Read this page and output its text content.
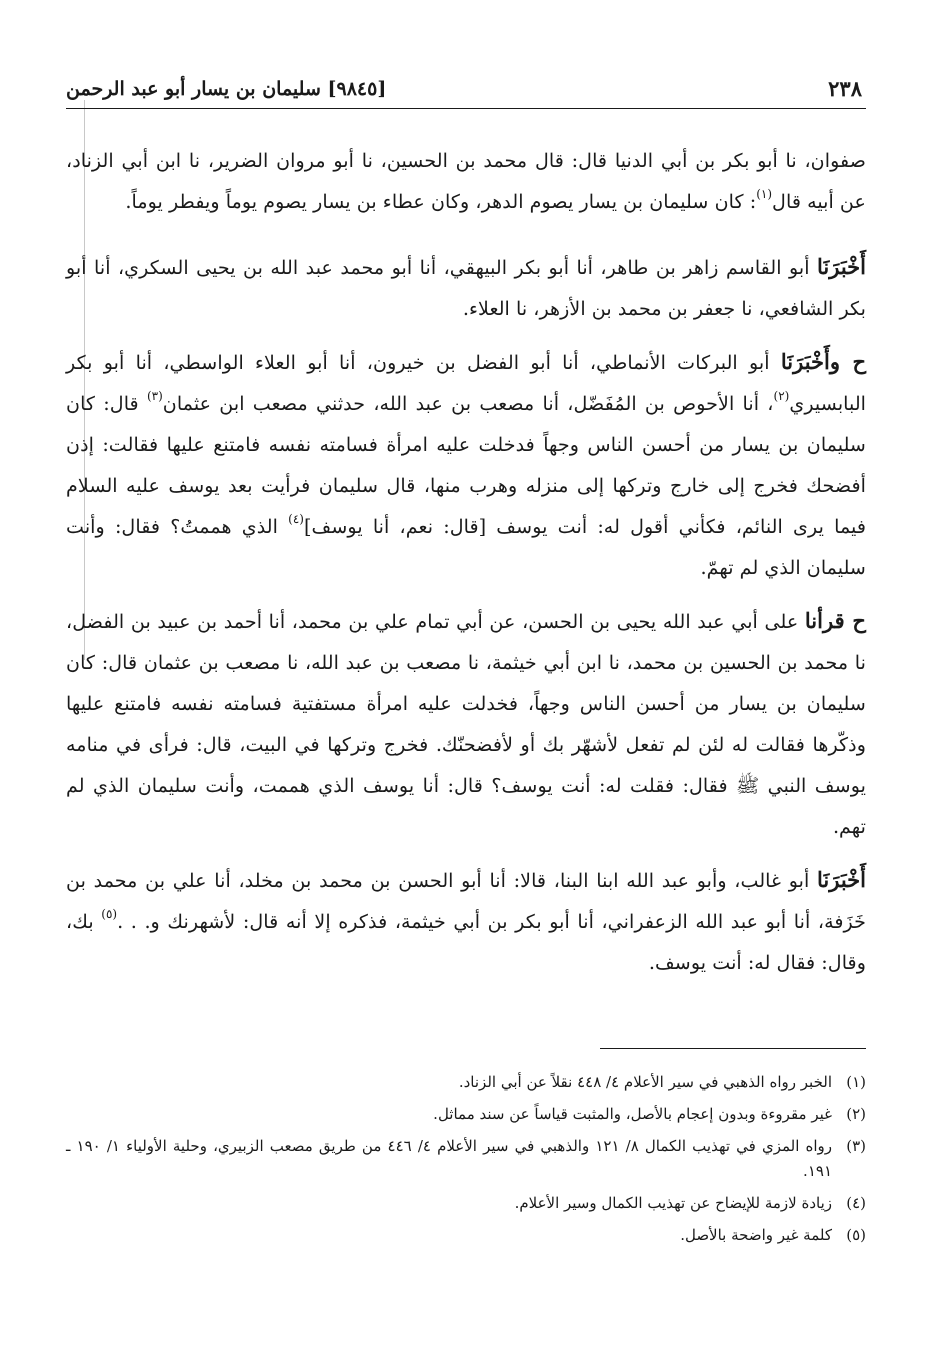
٢٣٨
[٩٨٤٥] سليمان بن يسار أبو عبد الرحمن

صفوان، نا أبو بكر بن أبي الدنيا قال: قال محمد بن الحسين، نا أبو مروان الضرير، نا ابن أبي الزناد، عن أبيه قال$^{(١)}$: كان سليمان بن يسار يصوم الدهر، وكان عطاء بن يسار يصوم يوماً ويفطر يوماً.

أَخْبَرَنَا أبو القاسم زاهر بن طاهر، أنا أبو بكر البيهقي، أنا أبو محمد عبد الله بن يحيى السكري، أنا أبو بكر الشافعي، نا جعفر بن محمد بن الأزهر، نا العلاء.

ح وأَخْبَرَنَا أبو البركات الأنماطي، أنا أبو الفضل بن خيرون، أنا أبو العلاء الواسطي، أنا أبو بكر البابسيري$^{(٢)}$، أنا الأحوص بن المُفَضّل، أنا مصعب بن عبد الله، حدثني مصعب ابن عثمان$^{(٣)}$ قال: كان سليمان بن يسار من أحسن الناس وجهاً فدخلت عليه امرأة فسامته نفسه فامتنع عليها فقالت: إذن أفضحك فخرج إلى خارج وتركها إلى منزله وهرب منها، قال سليمان فرأيت بعد يوسف عليه السلام فيما يرى النائم، فكأني أقول له: أنت يوسف [قال: نعم، أنا يوسف]$^{(٤)}$ الذي هممتُ؟ فقال: وأنت سليمان الذي لم تهمّ.

ح قرأنا على أبي عبد الله يحيى بن الحسن، عن أبي تمام علي بن محمد، أنا أحمد بن عبيد بن الفضل، نا محمد بن الحسين بن محمد، نا ابن أبي خيثمة، نا مصعب بن عبد الله، نا مصعب بن عثمان قال: كان سليمان بن يسار من أحسن الناس وجهاً، فخدلت عليه امرأة مستفتية فسامته نفسه فامتنع عليها وذكّرها فقالت له لئن لم تفعل لأشهّر بك أو لأفضحنّك. فخرج وتركها في البيت، قال: فرأى في منامه يوسف النبي ﷺ فقال: فقلت له: أنت يوسف؟ قال: أنا يوسف الذي هممت، وأنت سليمان الذي لم تهم.

أَخْبَرَنَا أبو غالب، وأبو عبد الله ابنا البنا، قالا: أنا أبو الحسن بن محمد بن مخلد، أنا علي بن محمد بن خَزَفة، أنا أبو عبد الله الزعفراني، أنا أبو بكر بن أبي خيثمة، فذكره إلا أنه قال: لأشهرنك و. . .$^{(٥)}$ بك، وقال: فقال له: أنت يوسف.

(١)
الخبر رواه الذهبي في سير الأعلام ٤/ ٤٤٨ نقلاً عن أبي الزناد.
(٢)
غير مقروءة وبدون إعجام بالأصل، والمثبت قياساً عن سند مماثل.
(٣)
رواه المزي في تهذيب الكمال ٨/ ١٢١ والذهبي في سير الأعلام ٤/ ٤٤٦ من طريق مصعب الزبيري، وحلية الأولياء ١/ ١٩٠ ـ ١٩١.
(٤)
زيادة لازمة للإيضاح عن تهذيب الكمال وسير الأعلام.
(٥)
كلمة غير واضحة بالأصل.
